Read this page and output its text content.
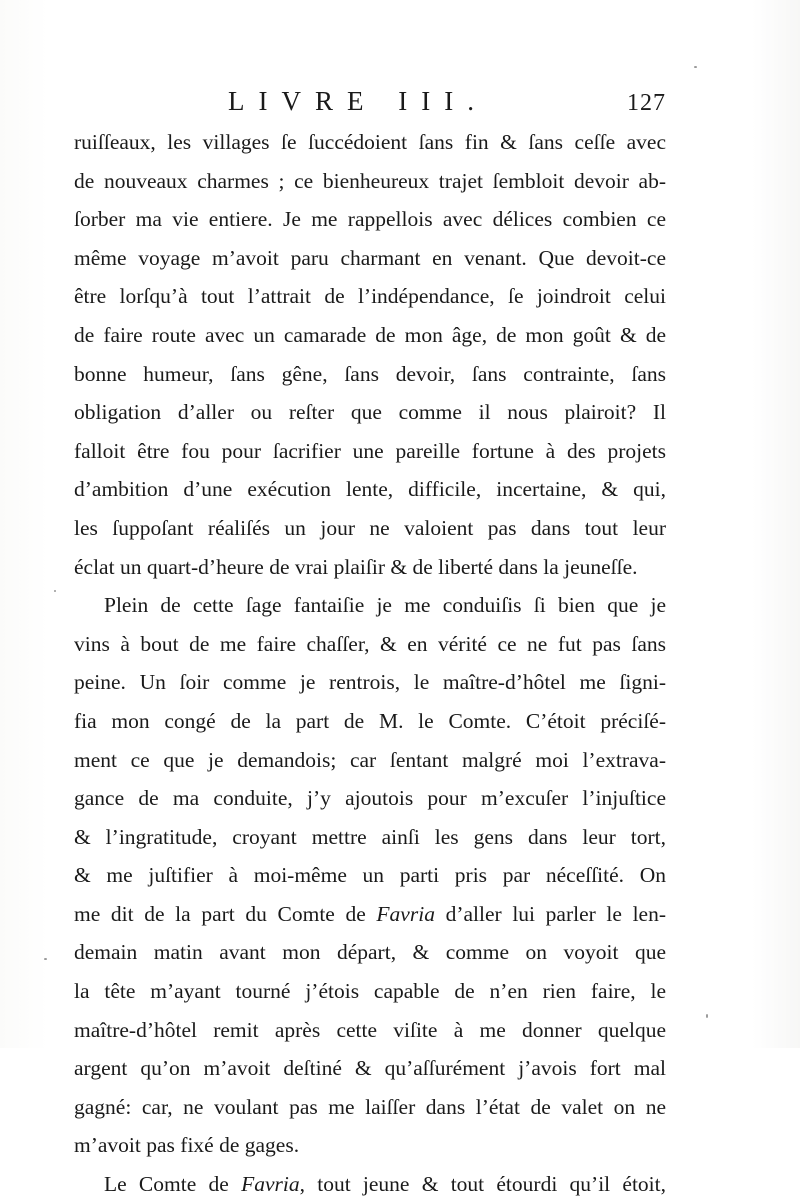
LIVRE III.	127
ruiſſeaux, les villages ſe ſuccédoient ſans fin & ſans ceſſe avec
de nouveaux charmes ; ce bienheureux trajet ſembloit devoir ab-
ſorber ma vie entiere. Je me rappellois avec délices combien ce
même voyage m’avoit paru charmant en venant. Que devoit-ce
être lorſqu’à tout l’attrait de l’indépendance, ſe joindroit celui
de faire route avec un camarade de mon âge, de mon goût & de
bonne humeur, ſans gêne, ſans devoir, ſans contrainte, ſans
obligation d’aller ou reſter que comme il nous plairoit? Il
falloit être fou pour ſacrifier une pareille fortune à des projets
d’ambition d’une exécution lente, difficile, incertaine, & qui,
les ſuppoſant réaliſés un jour ne valoient pas dans tout leur
éclat un quart-d’heure de vrai plaiſir & de liberté dans la jeuneſſe.
Plein de cette ſage fantaiſie je me conduiſis ſi bien que je
vins à bout de me faire chaſſer, & en vérité ce ne fut pas ſans
peine. Un ſoir comme je rentrois, le maître-d’hôtel me ſigni-
fia mon congé de la part de M. le Comte. C’étoit préciſé-
ment ce que je demandois; car ſentant malgré moi l’extrava-
gance de ma conduite, j’y ajoutois pour m’excuſer l’injuſtice
& l’ingratitude, croyant mettre ainſi les gens dans leur tort,
& me juſtifier à moi-même un parti pris par néceſſité. On
me dit de la part du Comte de Favria d’aller lui parler le len-
demain matin avant mon départ, & comme on voyoit que
la tête m’ayant tourné j’étois capable de n’en rien faire, le
maître-d’hôtel remit après cette viſite à me donner quelque
argent qu’on m’avoit deſtiné & qu’aſſurément j’avois fort mal
gagné: car, ne voulant pas me laiſſer dans l’état de valet on ne
m’avoit pas fixé de gages.
Le Comte de Favria, tout jeune & tout étourdi qu’il étoit,
